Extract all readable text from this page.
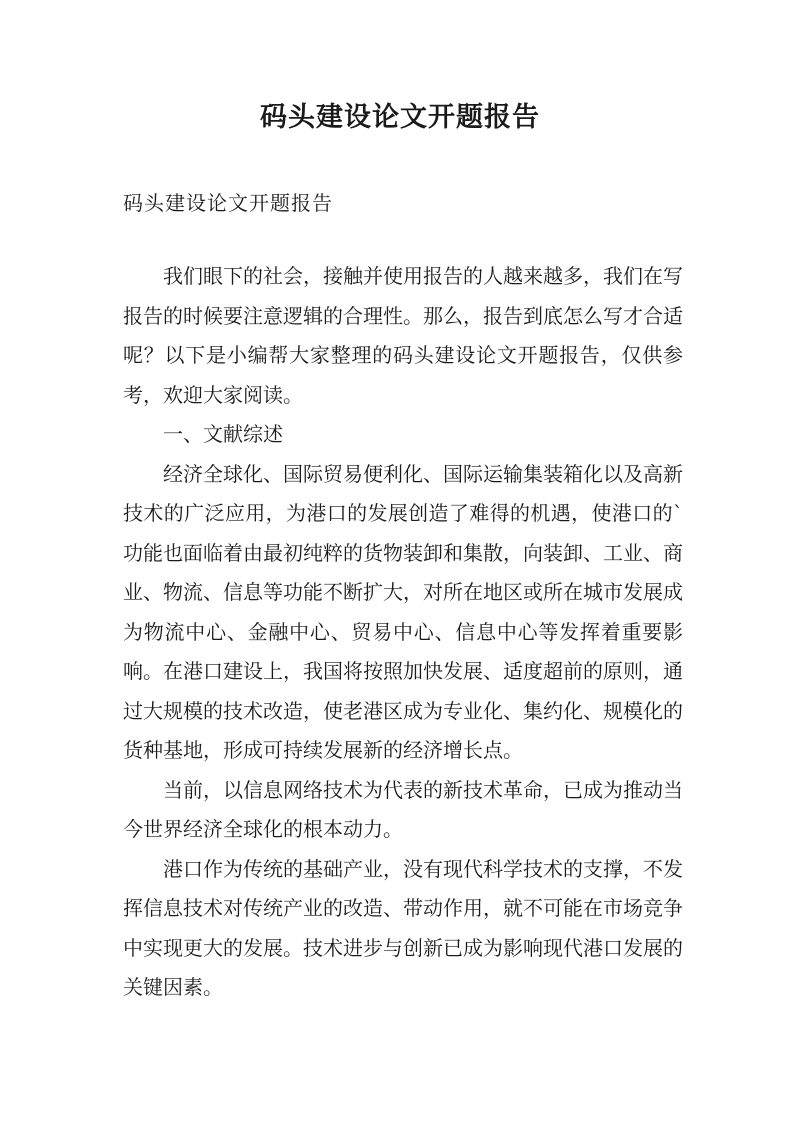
码头建设论文开题报告
码头建设论文开题报告

我们眼下的社会，接触并使用报告的人越来越多，我们在写报告的时候要注意逻辑的合理性。那么，报告到底怎么写才合适呢？以下是小编帮大家整理的码头建设论文开题报告，仅供参考，欢迎大家阅读。

一、文献综述

经济全球化、国际贸易便利化、国际运输集装箱化以及高新技术的广泛应用，为港口的发展创造了难得的机遇，使港口的`功能也面临着由最初纯粹的货物装卸和集散，向装卸、工业、商业、物流、信息等功能不断扩大，对所在地区或所在城市发展成为物流中心、金融中心、贸易中心、信息中心等发挥着重要影响。在港口建设上，我国将按照加快发展、适度超前的原则，通过大规模的技术改造，使老港区成为专业化、集约化、规模化的货种基地，形成可持续发展新的经济增长点。

当前，以信息网络技术为代表的新技术革命，已成为推动当今世界经济全球化的根本动力。

港口作为传统的基础产业，没有现代科学技术的支撑，不发挥信息技术对传统产业的改造、带动作用，就不可能在市场竞争中实现更大的发展。技术进步与创新已成为影响现代港口发展的关键因素。
